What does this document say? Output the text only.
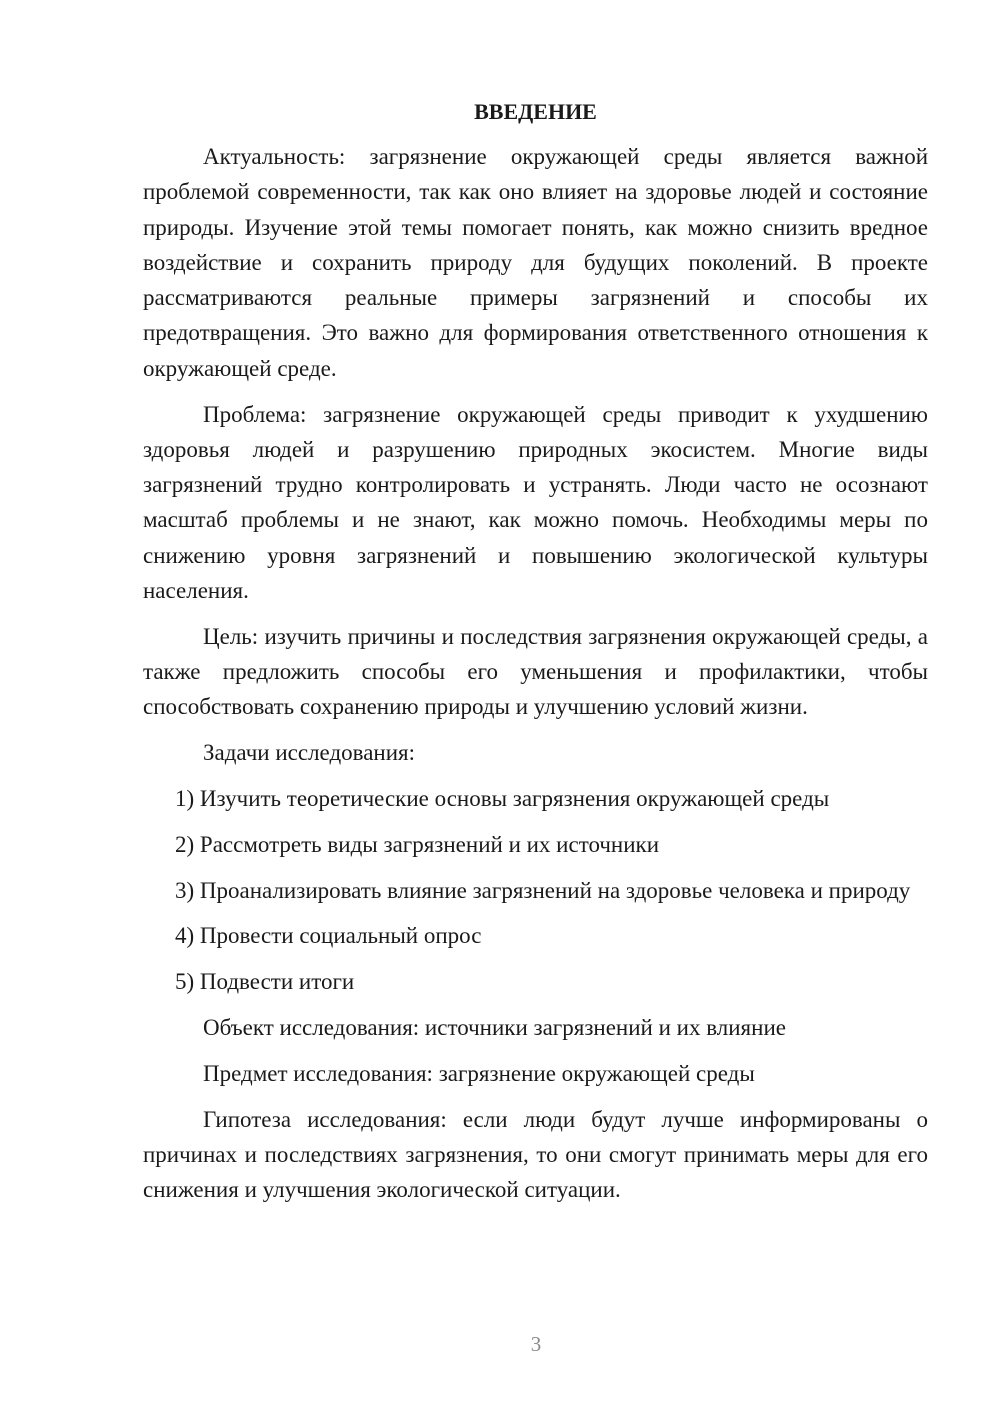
ВВЕДЕНИЕ

Актуальность: загрязнение окружающей среды является важной проблемой современности, так как оно влияет на здоровье людей и состояние природы. Изучение этой темы помогает понять, как можно снизить вредное воздействие и сохранить природу для будущих поколений. В проекте рассматриваются реальные примеры загрязнений и способы их предотвращения. Это важно для формирования ответственного отношения к окружающей среде.

Проблема: загрязнение окружающей среды приводит к ухудшению здоровья людей и разрушению природных экосистем. Многие виды загрязнений трудно контролировать и устранять. Люди часто не осознают масштаб проблемы и не знают, как можно помочь. Необходимы меры по снижению уровня загрязнений и повышению экологической культуры населения.

Цель: изучить причины и последствия загрязнения окружающей среды, а также предложить способы его уменьшения и профилактики, чтобы способствовать сохранению природы и улучшению условий жизни.

Задачи исследования:

1) Изучить теоретические основы загрязнения окружающей среды

2) Рассмотреть виды загрязнений и их источники

3) Проанализировать влияние загрязнений на здоровье человека и природу

4) Провести социальный опрос

5) Подвести итоги

Объект исследования: источники загрязнений и их влияние

Предмет исследования: загрязнение окружающей среды

Гипотеза исследования: если люди будут лучше информированы о причинах и последствиях загрязнения, то они смогут принимать меры для его снижения и улучшения экологической ситуации.

3
